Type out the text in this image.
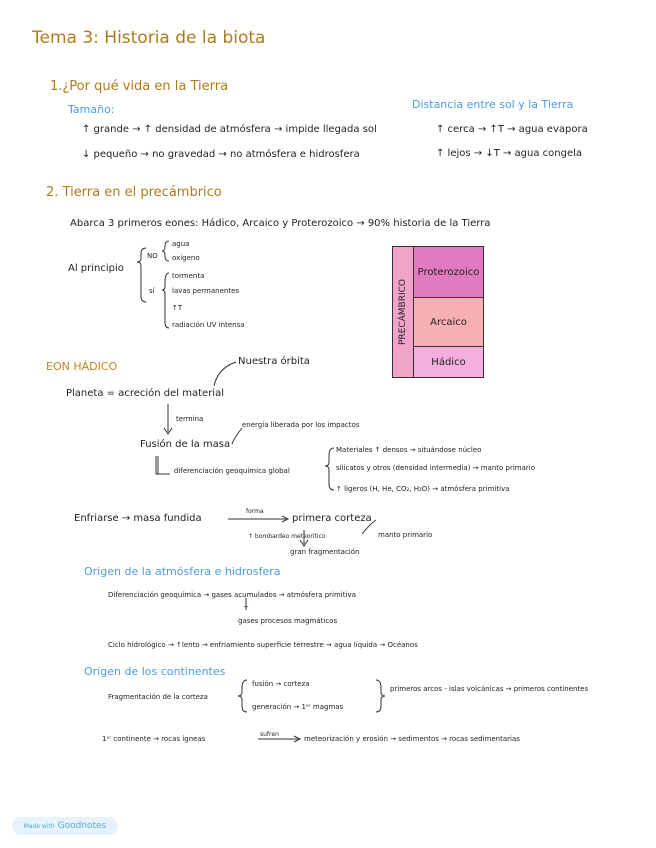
Tema 3: Historia de la biota
1.¿Por qué vida en la Tierra
Tamaño:
↑ grande → ↑ densidad de atmósfera → impide llegada sol
↓ pequeño → no gravedad → no atmósfera e hidrosfera
Distancia entre sol y la Tierra
↑ cerca → ↑T → agua evapora
↑ lejos → ↓T → agua congela
2. Tierra en el precámbrico
Abarca 3 primeros eones: Hádico, Arcaico y Proterozoico → 90% historia de la Tierra
Al principio
NO
agua
oxígeno
sí
tormenta
lavas permanentes
↑T
radiación UV intensa	PRECÁMBRICO
Proterozoico
Arcaico
Hádico
EON HÁDICO	Nuestra órbita
Planeta = acreción del material
termina
energía liberada por los impactos
Fusión de la masa
diferenciación geoquímica global
Materiales ↑ densos → situándose núcleo
silicatos y otros (densidad intermedia) → manto primario
↑ ligeros (H, He, CO₂, H₂O) → atmósfera primitiva
Enfriarse → masa fundida
forma
primera corteza
manto primario
↑ bombardeo meteorítico
gran fragmentación
Origen de la atmósfera e hidrosfera
Diferenciación geoquímica → gases acumulados → atmósfera primitiva
+
gases procesos magmáticos
Ciclo hidrológico → ↑lento → enfriamiento superficie terrestre → agua líquida → Océanos
Origen de los continentes
Fragmentación de la corteza
fusión → corteza
generación → 1ᵉʳ magmas
primeros arcos - islas volcánicas → primeros continentes
1ᵉʳ continente → rocas ígneas
sufren
meteorización y erosión → sedimentos → rocas sedimentarias
Made with Goodnotes
